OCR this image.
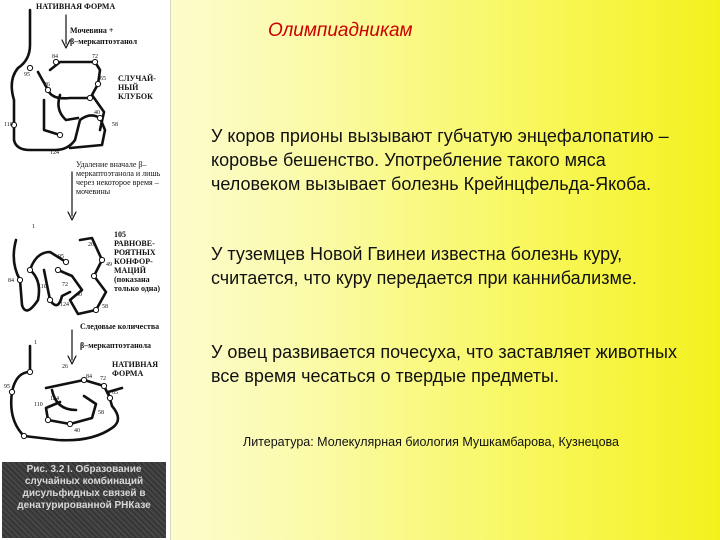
НАТИВНАЯ ФОРМА
Мочевина +
β–меркаптоэтанол
СЛУЧАЙ-НЫЙ КЛУБОК
Удаление вначале β–меркаптоэтанола и лишь через некоторое время – мочевины
105 РАВНОВЕ-РОЯТНЫХ КОНФОР-МАЦИЙ (показана только одна)
Следовые количества
β–меркаптоэтанола
НАТИВНАЯ ФОРМА
84	72
95
26
65
40
58
110
124
1
26
95
49
40
58
84
72
110
124
1
26
84 72
95
65
110
124
58
40
Рис. 3.2 I. Образование случайных комбинаций дисульфидных связей в денатурированной РНКазе
Олимпиадникам
У коров прионы вызывают губчатую энцефалопатию – коровье бешенство. Употребление такого мяса человеком вызывает болезнь Крейнцфельда-Якоба.
У туземцев Новой Гвинеи известна болезнь куру, считается, что куру передается при каннибализме.
У овец развивается почесуха, что заставляет животных все время чесаться о твердые предметы.
Литература: Молекулярная биология Мушкамбарова, Кузнецова
